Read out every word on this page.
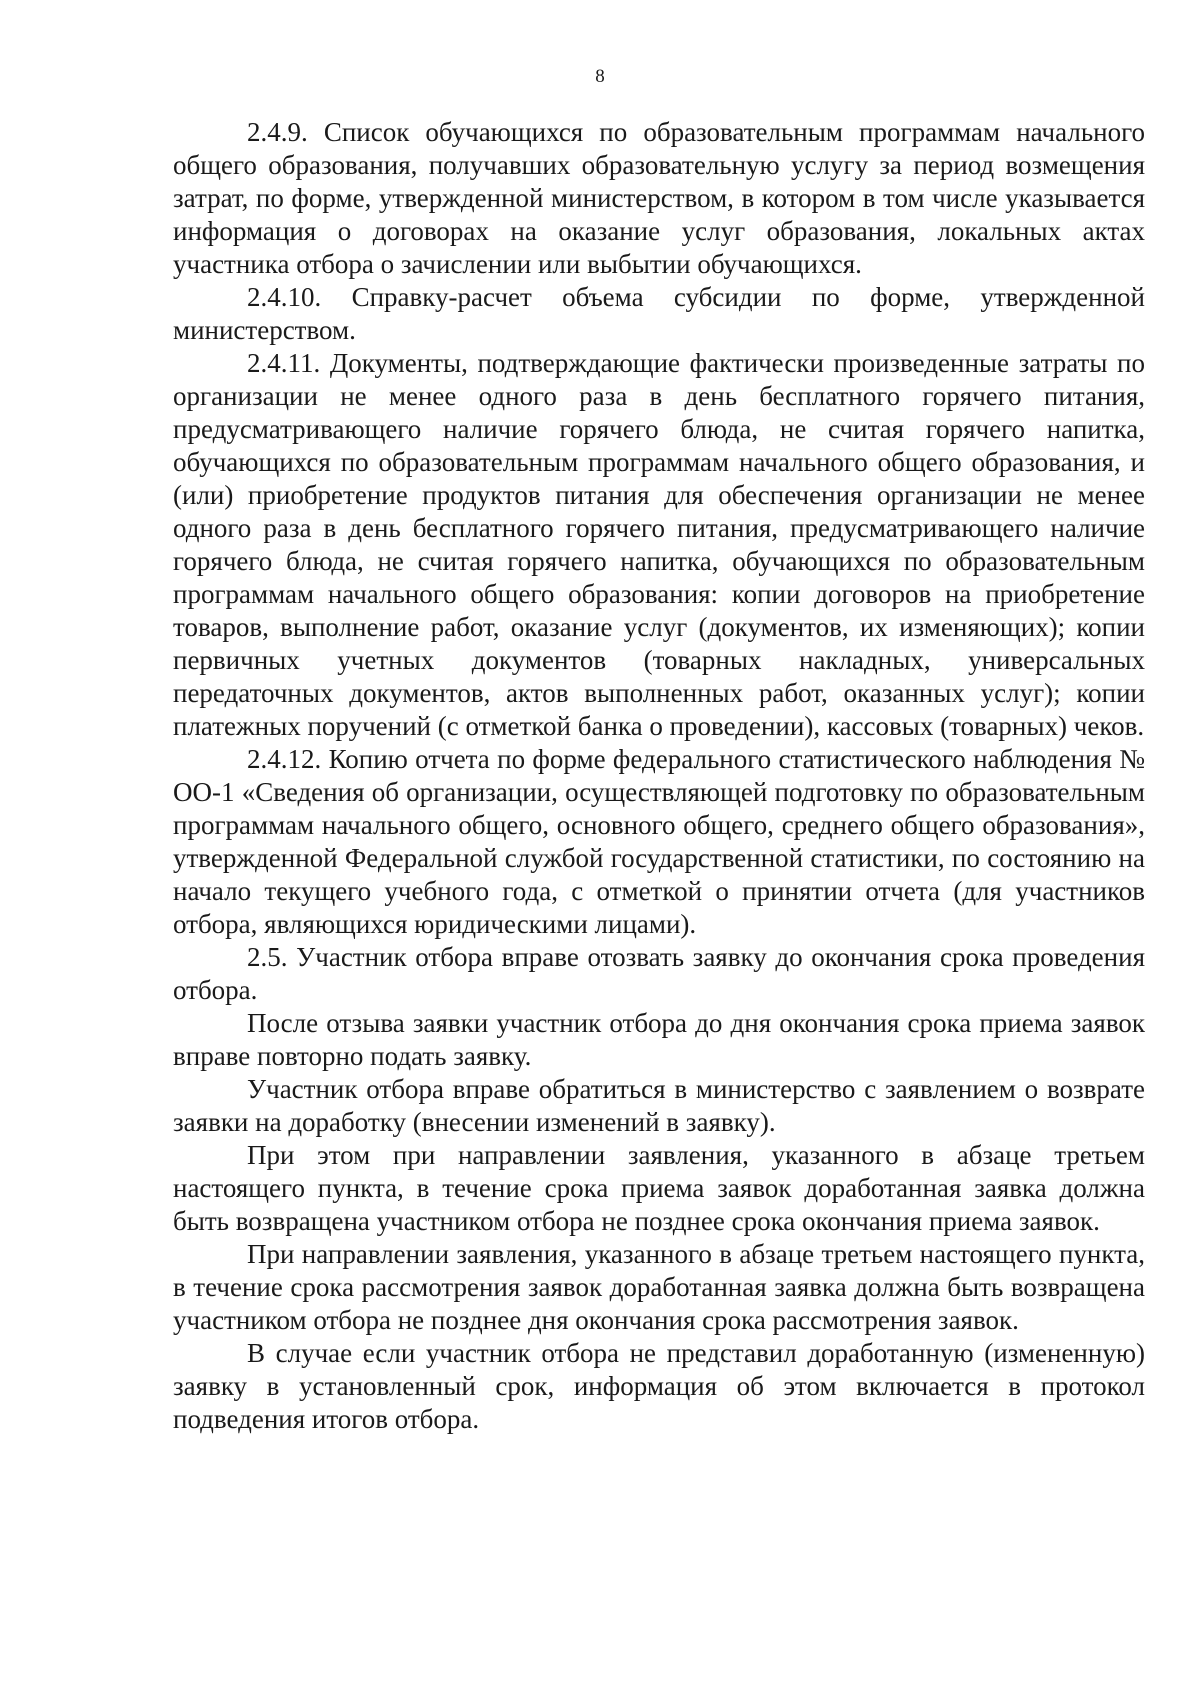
8

2.4.9. Список обучающихся по образовательным программам начального общего образования, получавших образовательную услугу за период возмещения затрат, по форме, утвержденной министерством, в котором в том числе указывается информация о договорах на оказание услуг образования, локальных актах участника отбора о зачислении или выбытии обучающихся.

2.4.10. Справку-расчет объема субсидии по форме, утвержденной министерством.

2.4.11. Документы, подтверждающие фактически произведенные затраты по организации не менее одного раза в день бесплатного горячего питания, предусматривающего наличие горячего блюда, не считая горячего напитка, обучающихся по образовательным программам начального общего образования, и (или) приобретение продуктов питания для обеспечения организации не менее одного раза в день бесплатного горячего питания, предусматривающего наличие горячего блюда, не считая горячего напитка, обучающихся по образовательным программам начального общего образования: копии договоров на приобретение товаров, выполнение работ, оказание услуг (документов, их изменяющих); копии первичных учетных документов (товарных накладных, универсальных передаточных документов, актов выполненных работ, оказанных услуг); копии платежных поручений (с отметкой банка о проведении), кассовых (товарных) чеков.

2.4.12. Копию отчета по форме федерального статистического наблюдения № ОО-1 «Сведения об организации, осуществляющей подготовку по образовательным программам начального общего, основного общего, среднего общего образования», утвержденной Федеральной службой государственной статистики, по состоянию на начало текущего учебного года, с отметкой о принятии отчета (для участников отбора, являющихся юридическими лицами).

2.5. Участник отбора вправе отозвать заявку до окончания срока проведения отбора.

После отзыва заявки участник отбора до дня окончания срока приема заявок вправе повторно подать заявку.

Участник отбора вправе обратиться в министерство с заявлением о возврате заявки на доработку (внесении изменений в заявку).

При этом при направлении заявления, указанного в абзаце третьем настоящего пункта, в течение срока приема заявок доработанная заявка должна быть возвращена участником отбора не позднее срока окончания приема заявок.

При направлении заявления, указанного в абзаце третьем настоящего пункта, в течение срока рассмотрения заявок доработанная заявка должна быть возвращена участником отбора не позднее дня окончания срока рассмотрения заявок.

В случае если участник отбора не представил доработанную (измененную) заявку в установленный срок, информация об этом включается в протокол подведения итогов отбора.
